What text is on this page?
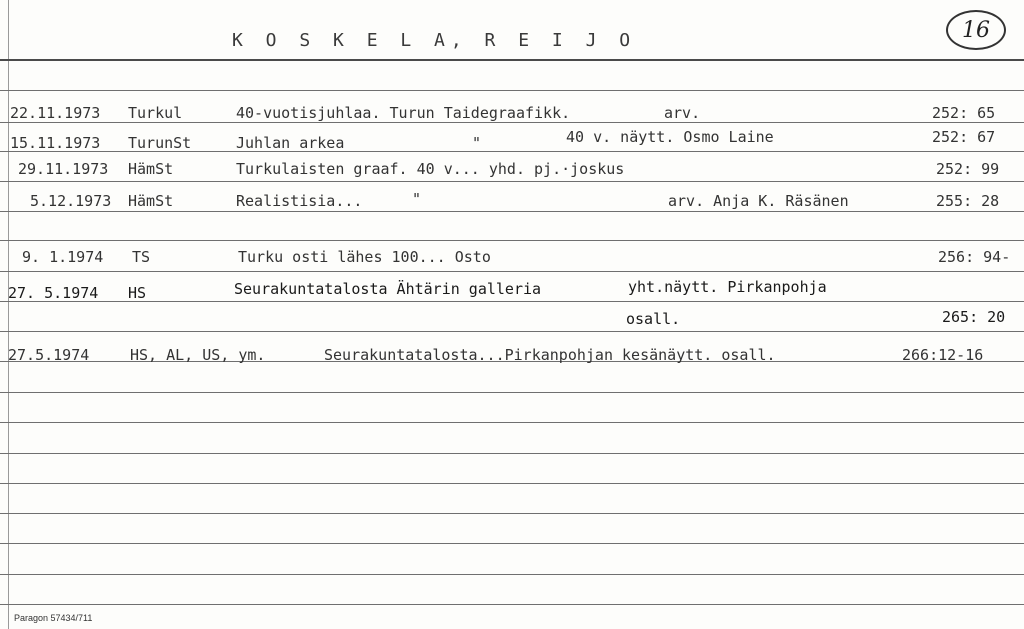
K O S K E L A, R E I J O	16
22.11.1973 Turkul	40-vuotisjuhlaa. Turun Taidegraafikk.	arv.	252: 65
15.11.1973 TurunSt	Juhlan arkea	"	40 v. näytt. Osmo Laine	252: 67
29.11.1973 HämSt	Turkulaisten graaf. 40 v... yhd. pj.·joskus	252: 99
5.12.1973 HämSt	Realistisia...	"	arv. Anja K. Räsänen	255: 28
9. 1.1974 TS	Turku osti lähes 100... Osto	256: 94-
27. 5.1974 HS	Seurakuntatalosta Ähtärin galleria	yht.näytt. Pirkanpohja
osall.	265: 20
27.5.1974	HS, AL, US, ym.	Seurakuntatalosta...Pirkanpohjan kesänäytt. osall.	266:12-16
Paragon 57434/711
